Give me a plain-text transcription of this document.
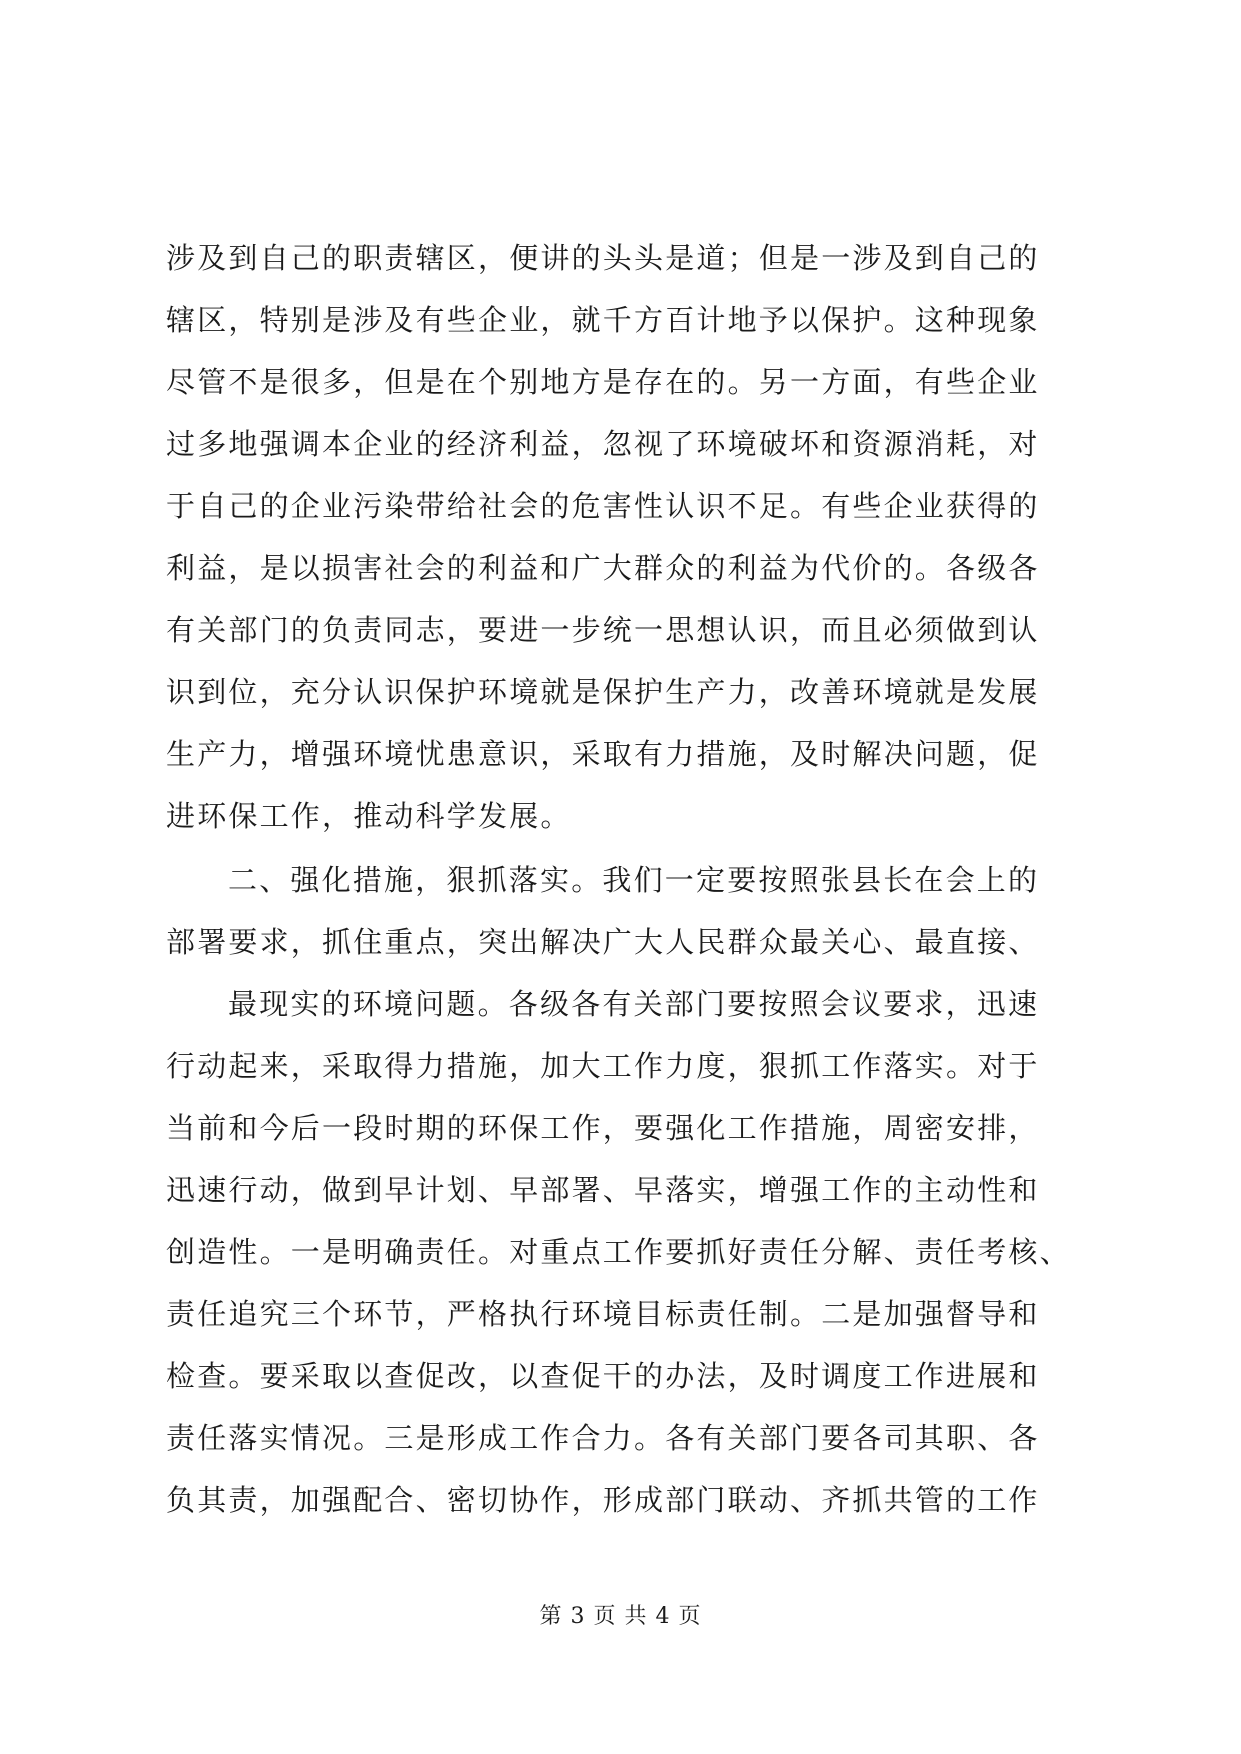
涉及到自己的职责辖区，便讲的头头是道；但是一涉及到自己的
辖区，特别是涉及有些企业，就千方百计地予以保护。这种现象
尽管不是很多，但是在个别地方是存在的。另一方面，有些企业
过多地强调本企业的经济利益，忽视了环境破坏和资源消耗，对
于自己的企业污染带给社会的危害性认识不足。有些企业获得的
利益，是以损害社会的利益和广大群众的利益为代价的。各级各
有关部门的负责同志，要进一步统一思想认识，而且必须做到认
识到位，充分认识保护环境就是保护生产力，改善环境就是发展
生产力，增强环境忧患意识，采取有力措施，及时解决问题，促
进环保工作，推动科学发展。
二、强化措施，狠抓落实。我们一定要按照张县长在会上的
部署要求，抓住重点，突出解决广大人民群众最关心、最直接、
最现实的环境问题。各级各有关部门要按照会议要求，迅速
行动起来，采取得力措施，加大工作力度，狠抓工作落实。对于
当前和今后一段时期的环保工作，要强化工作措施，周密安排，
迅速行动，做到早计划、早部署、早落实，增强工作的主动性和
创造性。一是明确责任。对重点工作要抓好责任分解、责任考核、
责任追究三个环节，严格执行环境目标责任制。二是加强督导和
检查。要采取以查促改，以查促干的办法，及时调度工作进展和
责任落实情况。三是形成工作合力。各有关部门要各司其职、各
负其责，加强配合、密切协作，形成部门联动、齐抓共管的工作
第 3 页 共 4 页
